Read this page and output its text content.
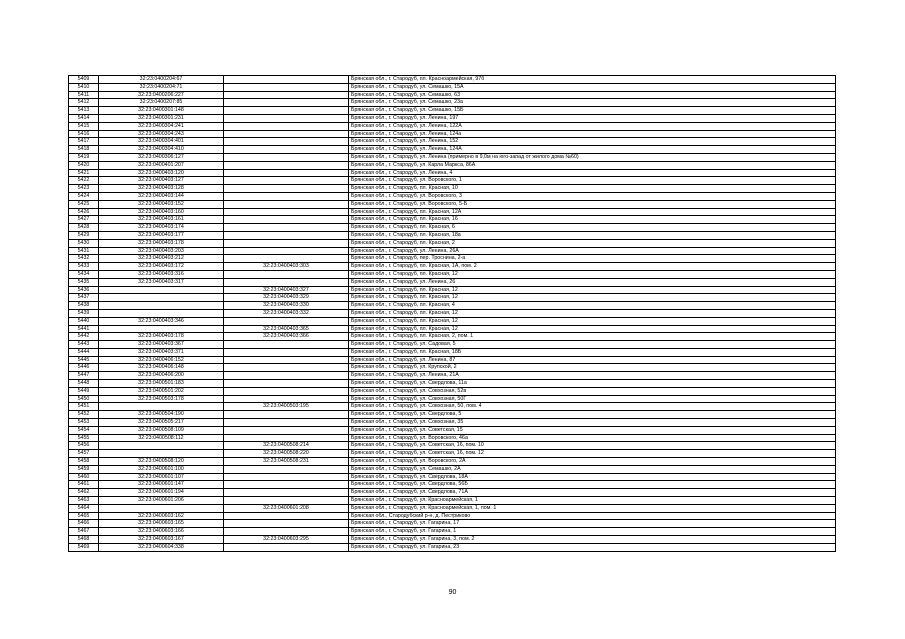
5409	32:23:0400204:67		Брянская обл., г. Стародуб, пл. Красноармейская, 97б
5410	32:23:0400204:71		Брянская обл., г. Стародуб, ул. Семашко, 15А
5411	32:23:0400206:227		Брянская обл., г. Стародуб, ул. Семашко, 63
5412	32:23:0400207:85		Брянская обл., г. Стародуб, ул. Семашко, 23а
5413	32:23:0400301:148		Брянская обл., г. Стародуб, ул. Семашко, 15Б
5414	32:23:0400301:231		Брянская обл., г. Стародуб, ул. Ленина, 197
5415	32:23:0400304:241		Брянская обл., г. Стародуб, ул. Ленина, 122А
5416	32:23:0400304:243		Брянская обл., г. Стародуб, ул. Ленина, 124а
5417	32:23:0400304:401		Брянская обл., г. Стародуб, ул. Ленина, 152
5418	32:23:0400304:410		Брянская обл., г. Стародуб, ул. Ленина, 124А
5419	32:23:0400306:127		Брянская обл., г. Стародуб, ул. Ленина (примерно в 9,0м на юго-запад от жилого дома №60)
5420	32:23:0400401:207		Брянская обл., г. Стародуб, ул. Карла Маркса, 86А
5421	32:23:0400403:120		Брянская обл., г. Стародуб, ул. Ленина, 4
5422	32:23:0400403:127		Брянская обл., г. Стародуб, ул. Воровского, 1
5423	32:23:0400403:128		Брянская обл., г. Стародуб, пл. Красная, 10
5424	32:23:0400403:144		Брянская обл., г. Стародуб, ул. Воровского, 3
5425	32:23:0400403:152		Брянская обл., г. Стародуб, ул. Воровского, 5-Б
5426	32:23:0400403:160		Брянская обл., г. Стародуб, пл. Красная, 12А
5427	32:23:0400403:161		Брянская обл., г. Стародуб, пл. Красная, 16
5428	32:23:0400403:174		Брянская обл., г. Стародуб, пл. Красная, 6
5429	32:23:0400403:177		Брянская обл., г. Стародуб, пл. Красная, 18а
5430	32:23:0400403:178		Брянская обл., г. Стародуб, пл. Красная, 2
5431	32:23:0400403:203		Брянская обл., г. Стародуб, ул. Ленина, 26А
5432	32:23:0400403:212		Брянская обл., г. Стародуб, пер. Троснина, 2-а
5433	32:23:0400403:172	32:23:0400403:303	Брянская обл., г. Стародуб, пл. Красная, 1А, пом. 2
5434	32:23:0400403:316		Брянская обл., г. Стародуб, пл. Красная, 12
5435	32:23:0400403:317		Брянская обл., г. Стародуб, ул. Ленина, 26
5436		32:23:0400403:327	Брянская обл., г. Стародуб, пл. Красная, 12
5437		32:23:0400403:329	Брянская обл., г. Стародуб, пл. Красная, 12
5438		32:23:0400403:330	Брянская обл., г. Стародуб, пл. Красная, 4
5439		32:23:0400403:332	Брянская обл., г. Стародуб, пл. Красная, 12
5440	32:23:0400403:346		Брянская обл., г. Стародуб, пл. Красная, 12
5441		32:23:0400403:365	Брянская обл., г. Стародуб, пл. Красная, 12
5442	32:23:0400403:178	32:23:0400403:366	Брянская обл., г. Стародуб, пл. Красная, 2, пом. 1
5443	32:23:0400403:367		Брянская обл., г. Стародуб, ул. Садовая, 5
5444	32:23:0400403:371		Брянская обл., г. Стародуб, пл. Красная, 18Б
5445	32:23:0400406:152		Брянская обл., г. Стародуб, ул. Ленина, 87
5446	32:23:0400406:148		Брянская обл., г. Стародуб, ул. Крупской, 2
5447	32:23:0400406:200		Брянская обл., г. Стародуб, ул. Ленина, 21А
5448	32:23:0400501:183		Брянская обл., г. Стародуб, ул. Свердлова, 11а
5449	32:23:0400501:202		Брянская обл., г. Стародуб, ул. Совхозная, 52в
5450	32:23:0400503:178		Брянская обл., г. Стародуб, ул. Совхозная, 50Г
5451		32:23:0400503:195	Брянская обл., г. Стародуб, ул. Совхозная, 50, пом. 4
5452	32:23:0400504:190		Брянская обл., г. Стародуб, ул. Свердлова, 5
5453	32:23:0400505:217		Брянская обл., г. Стародуб, ул. Совхозная, 35
5454	32:23:0400508:109		Брянская обл., г. Стародуб, ул. Советская, 15
5455	32:23:0400508:112		Брянская обл., г. Стародуб, ул. Воровского, 46а
5456		32:23:0400508:214	Брянская обл., г. Стародуб, ул. Советская, 16, пом. 10
5457		32:23:0400508:220	Брянская обл., г. Стародуб, ул. Советская, 16, пом. 12
5458	32:23:0400508:120	32:23:0400508:231	Брянская обл., г. Стародуб, ул. Воровского, 2А
5459	32:23:0400601:100		Брянская обл., г. Стародуб, ул. Семашко, 2А
5460	32:23:0400601:107		Брянская обл., г. Стародуб, ул. Свердлова, 18А
5461	32:23:0400601:147		Брянская обл., г. Стародуб, ул. Свердлова, 56Б
5462	32:23:0400601:194		Брянская обл., г. Стародуб, ул. Свердлова, 71А
5463	32:23:0400601:206		Брянская обл., г. Стародуб, ул. Красноармейская, 1
5464		32:23:0400601:208	Брянская обл., г. Стародуб, ул. Красноармейская, 1, пом. 1
5465	32:23:0400603:162		Брянская обл., Стародубский р-н, д. Пестриково
5466	32:23:0400603:165		Брянская обл., г. Стародуб, ул. Гагарина, 17
5467	32:23:0400603:166		Брянская обл., г. Стародуб, ул. Гагарина, 1
5468	32:23:0400603:167	32:23:0400603:295	Брянская обл., г. Стародуб, ул. Гагарина, 3, пом. 2
5469	32:23:0400604:338		Брянская обл., г. Стародуб, ул. Гагарина, 23
90
